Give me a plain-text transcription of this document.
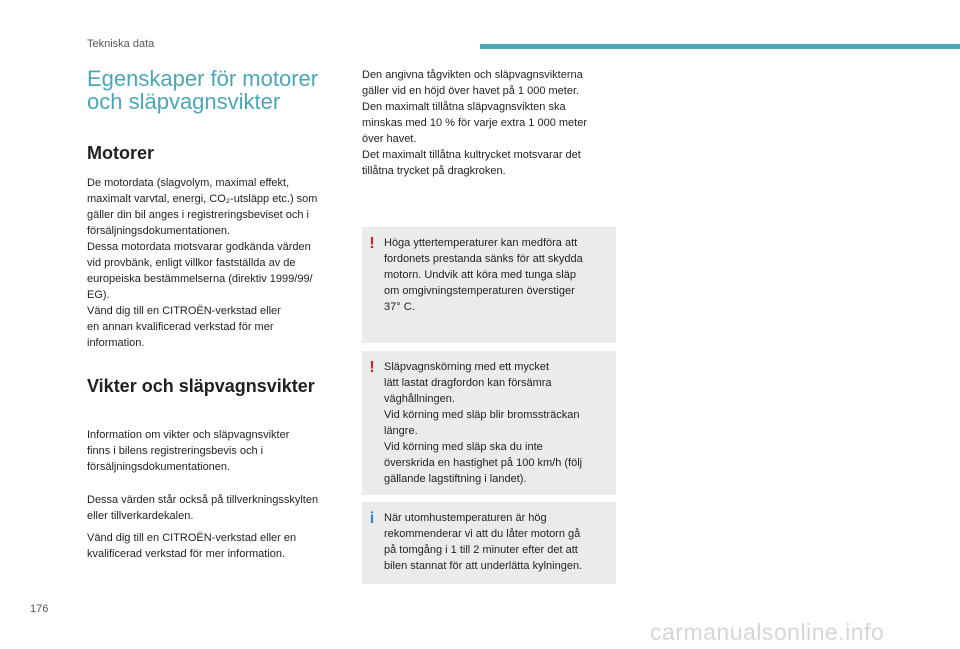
Tekniska data
Egenskaper för motorer
och släpvagnsvikter
Motorer

De motordata (slagvolym, maximal effekt,
maximalt varvtal, energi, CO₂-utsläpp etc.) som
gäller din bil anges i registreringsbeviset och i
försäljningsdokumentationen.
Dessa motordata motsvarar godkända värden
vid provbänk, enligt villkor fastställda av de
europeiska bestämmelserna (direktiv 1999/99/
EG).
Vänd dig till en CITROËN-verkstad eller
en annan kvalificerad verkstad för mer
information.

Vikter och släpvagnsvikter

Information om vikter och släpvagnsvikter
finns i bilens registreringsbevis och i
försäljningsdokumentationen.

Dessa värden står också på tillverkningsskylten
eller tillverkardekalen.

Vänd dig till en CITROËN-verkstad eller en
kvalificerad verkstad för mer information.

Den angivna tågvikten och släpvagnsvikterna
gäller vid en höjd över havet på 1 000 meter.
Den maximalt tillåtna släpvagnsvikten ska
minskas med 10 % för varje extra 1 000 meter
över havet.
Det maximalt tillåtna kultrycket motsvarar det
tillåtna trycket på dragkroken.

! Höga yttertemperaturer kan medföra att
fordonets prestanda sänks för att skydda
motorn. Undvik att köra med tunga släp
om omgivningstemperaturen överstiger
37° C.
! Släpvagnskörning med ett mycket
lätt lastat dragfordon kan försämra
väghållningen.
Vid körning med släp blir bromssträckan
längre.
Vid körning med släp ska du inte
överskrida en hastighet på 100 km/h (följ
gällande lagstiftning i landet).
i När utomhustemperaturen är hög
rekommenderar vi att du låter motorn gå
på tomgång i 1 till 2 minuter efter det att
bilen stannat för att underlätta kylningen.
176
carmanualsonline.info
